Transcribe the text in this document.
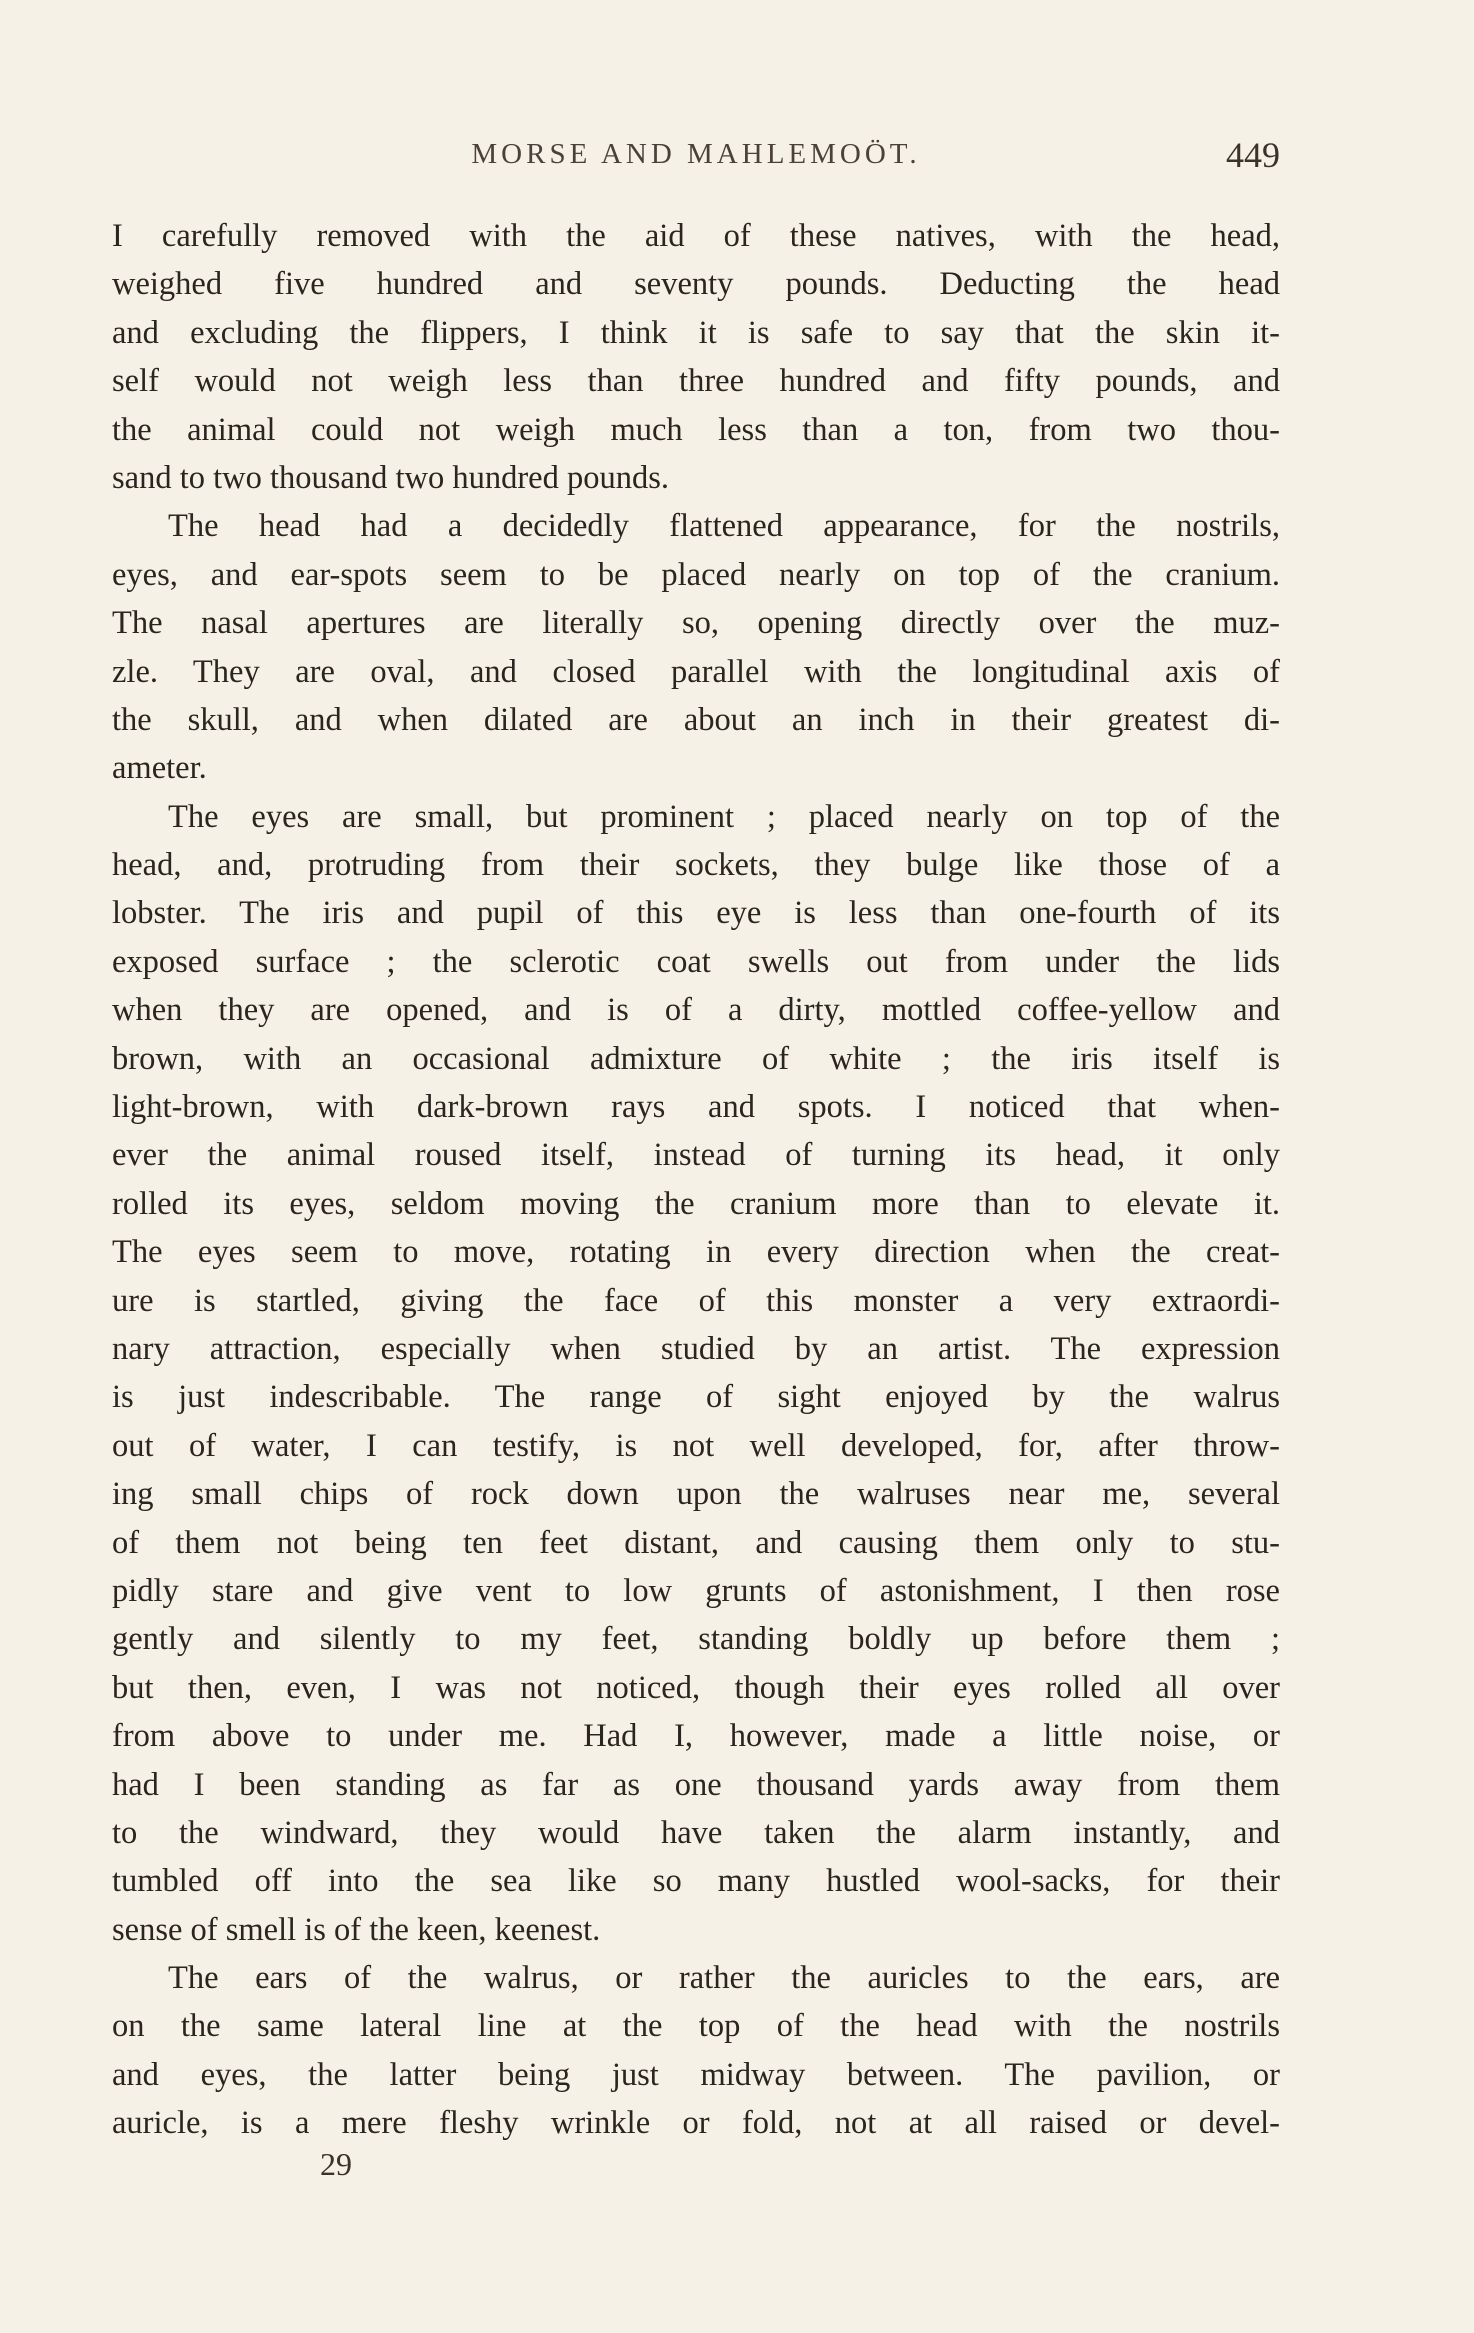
MORSE AND MAHLEMOÖT.	449

I carefully removed with the aid of these natives, with the head,
weighed five hundred and seventy pounds. Deducting the head
and excluding the flippers, I think it is safe to say that the skin it-
self would not weigh less than three hundred and fifty pounds, and
the animal could not weigh much less than a ton, from two thou-
sand to two thousand two hundred pounds.

The head had a decidedly flattened appearance, for the nostrils,
eyes, and ear-spots seem to be placed nearly on top of the cranium.
The nasal apertures are literally so, opening directly over the muz-
zle. They are oval, and closed parallel with the longitudinal axis of
the skull, and when dilated are about an inch in their greatest di-
ameter.

The eyes are small, but prominent ; placed nearly on top of the
head, and, protruding from their sockets, they bulge like those of a
lobster. The iris and pupil of this eye is less than one-fourth of its
exposed surface ; the sclerotic coat swells out from under the lids
when they are opened, and is of a dirty, mottled coffee-yellow and
brown, with an occasional admixture of white ; the iris itself is
light-brown, with dark-brown rays and spots. I noticed that when-
ever the animal roused itself, instead of turning its head, it only
rolled its eyes, seldom moving the cranium more than to elevate it.
The eyes seem to move, rotating in every direction when the creat-
ure is startled, giving the face of this monster a very extraordi-
nary attraction, especially when studied by an artist. The expression
is just indescribable. The range of sight enjoyed by the walrus
out of water, I can testify, is not well developed, for, after throw-
ing small chips of rock down upon the walruses near me, several
of them not being ten feet distant, and causing them only to stu-
pidly stare and give vent to low grunts of astonishment, I then rose
gently and silently to my feet, standing boldly up before them ;
but then, even, I was not noticed, though their eyes rolled all over
from above to under me. Had I, however, made a little noise, or
had I been standing as far as one thousand yards away from them
to the windward, they would have taken the alarm instantly, and
tumbled off into the sea like so many hustled wool-sacks, for their
sense of smell is of the keen, keenest.

The ears of the walrus, or rather the auricles to the ears, are
on the same lateral line at the top of the head with the nostrils
and eyes, the latter being just midway between. The pavilion, or
auricle, is a mere fleshy wrinkle or fold, not at all raised or devel-

29
